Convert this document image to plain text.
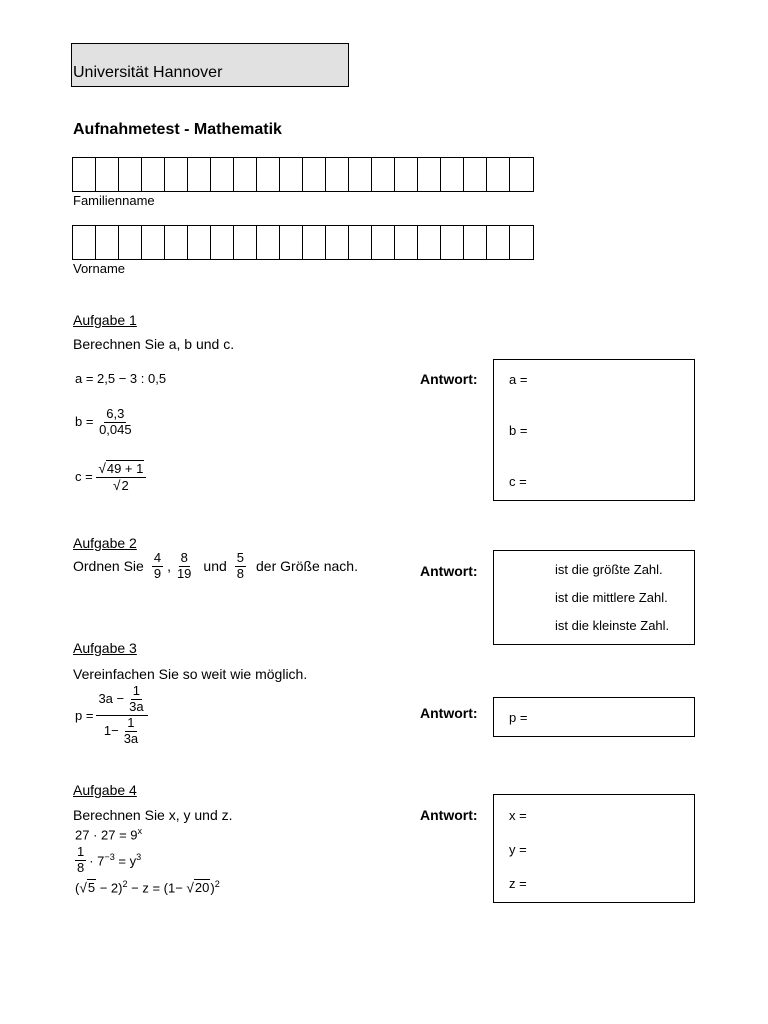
Universität Hannover
Aufnahmetest - Mathematik
Familienname
Vorname
Aufgabe 1
Berechnen Sie a, b und c.
a = 2,5 − 3 : 0,5
$b = \frac{6,3}{0,045}$
$c = \frac{√49 + 1}{√2}$
Antwort: a =
b =
c =
Aufgabe 2
Ordnen Sie $\frac{4}{9}$ , $\frac{8}{19}$ und $\frac{5}{8}$ der Größe nach.	Antwort:	ist die größte Zahl.
ist die mittlere Zahl.
ist die kleinste Zahl.
Aufgabe 3
Vereinfachen Sie so weit wie möglich.
$p = \frac{3a - \frac{1}{3a}}{1- \frac{1}{3a}}$	Antwort: p =
Aufgabe 4
Berechnen Sie x, y und z.
$27 \cdot 27 = 9^x$
$\frac{1}{8} \cdot 7^{-3} = y^3$
$(√5 - 2)^2 - z = (1- √20)^2$
Antwort: x =
y =
z =
